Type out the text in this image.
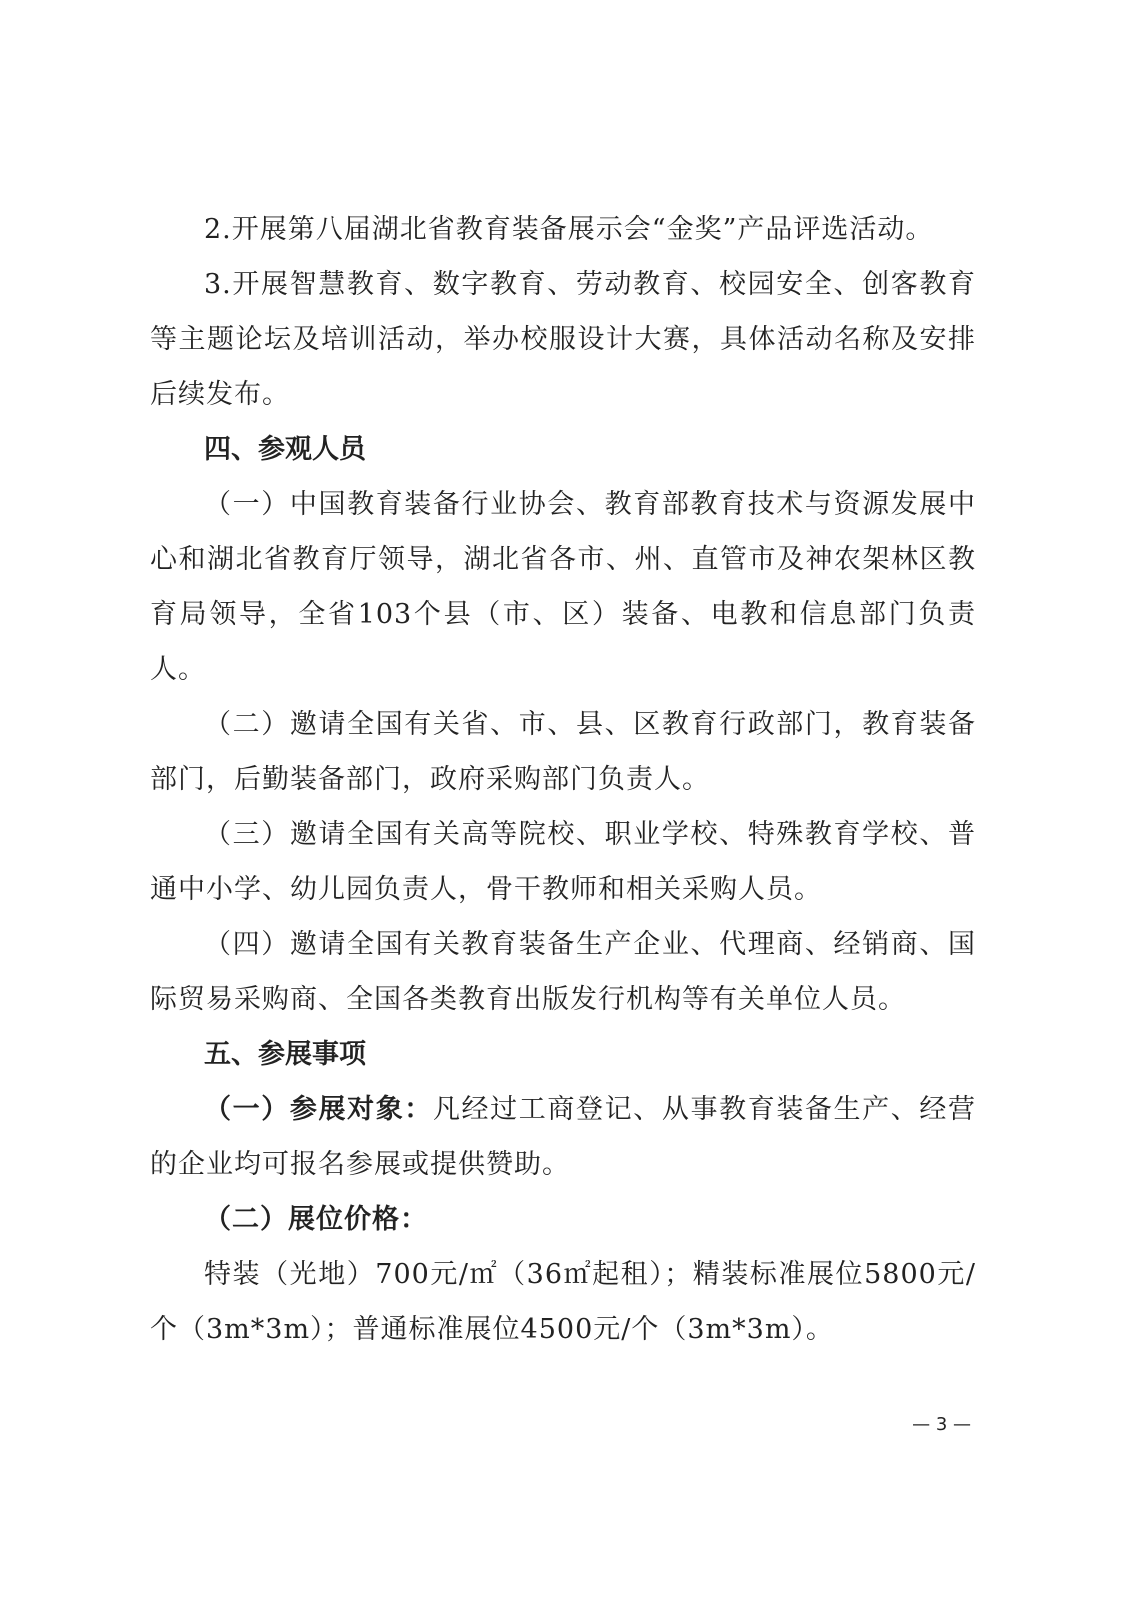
2.开展第八届湖北省教育装备展示会“金奖”产品评选活动。

3.开展智慧教育、数字教育、劳动教育、校园安全、创客教育等主题论坛及培训活动，举办校服设计大赛，具体活动名称及安排后续发布。

四、参观人员

（一）中国教育装备行业协会、教育部教育技术与资源发展中心和湖北省教育厅领导，湖北省各市、州、直管市及神农架林区教育局领导，全省103个县（市、区）装备、电教和信息部门负责人。

（二）邀请全国有关省、市、县、区教育行政部门，教育装备部门，后勤装备部门，政府采购部门负责人。

（三）邀请全国有关高等院校、职业学校、特殊教育学校、普通中小学、幼儿园负责人，骨干教师和相关采购人员。

（四）邀请全国有关教育装备生产企业、代理商、经销商、国际贸易采购商、全国各类教育出版发行机构等有关单位人员。

五、参展事项

（一）参展对象：凡经过工商登记、从事教育装备生产、经营的企业均可报名参展或提供赞助。

（二）展位价格：

特装（光地）700元/㎡（36㎡起租）；精装标准展位5800元/个（3m*3m）；普通标准展位4500元/个（3m*3m）。

— 3 —
